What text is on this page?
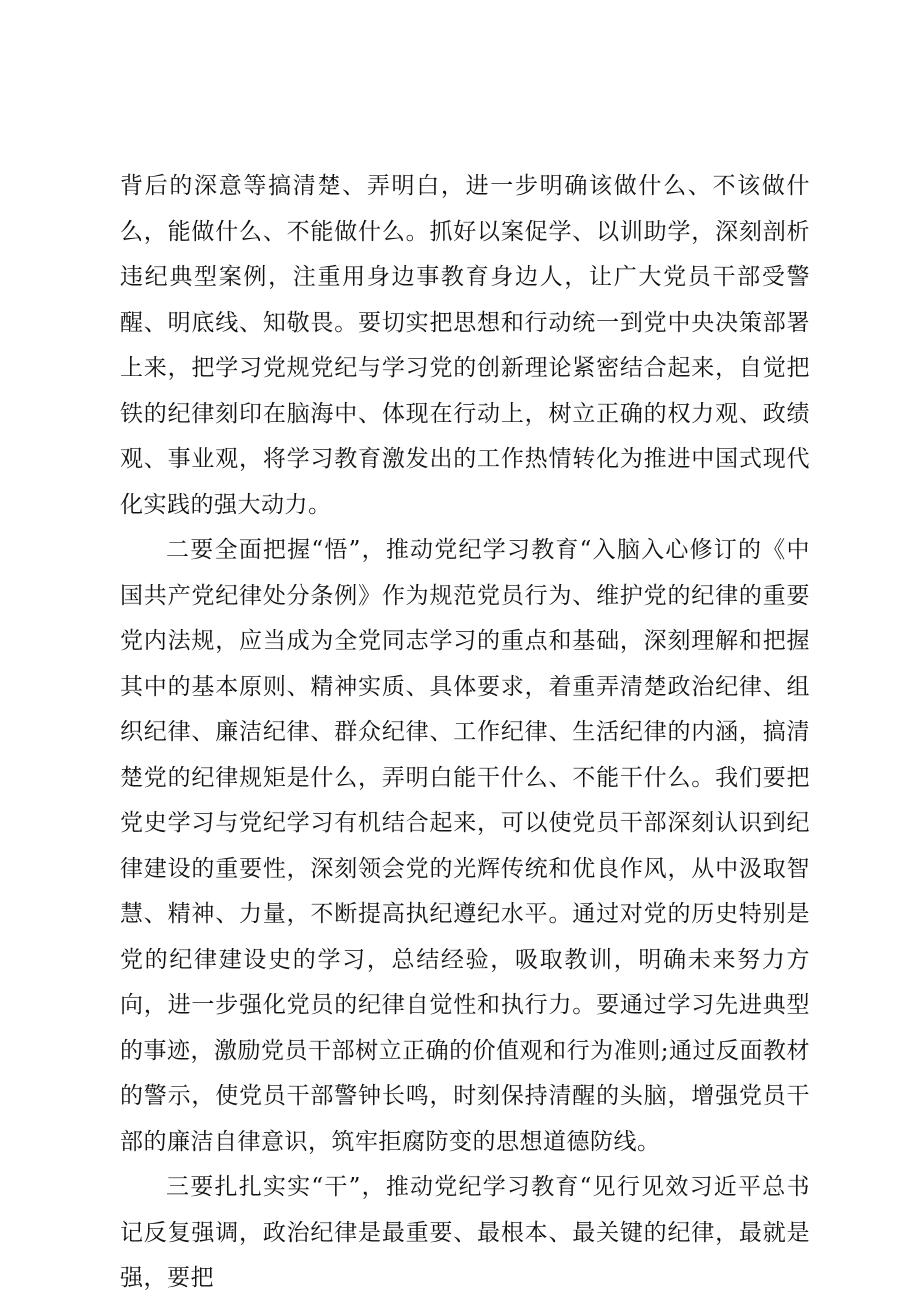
背后的深意等搞清楚、弄明白，进一步明确该做什么、不该做什么，能做什么、不能做什么。抓好以案促学、以训助学，深刻剖析违纪典型案例，注重用身边事教育身边人，让广大党员干部受警醒、明底线、知敬畏。要切实把思想和行动统一到党中央决策部署上来，把学习党规党纪与学习党的创新理论紧密结合起来，自觉把铁的纪律刻印在脑海中、体现在行动上，树立正确的权力观、政绩观、事业观，将学习教育激发出的工作热情转化为推进中国式现代化实践的强大动力。

二要全面把握“悟”，推动党纪学习教育“入脑入心修订的《中国共产党纪律处分条例》作为规范党员行为、维护党的纪律的重要党内法规，应当成为全党同志学习的重点和基础，深刻理解和把握其中的基本原则、精神实质、具体要求，着重弄清楚政治纪律、组织纪律、廉洁纪律、群众纪律、工作纪律、生活纪律的内涵，搞清楚党的纪律规矩是什么，弄明白能干什么、不能干什么。我们要把党史学习与党纪学习有机结合起来，可以使党员干部深刻认识到纪律建设的重要性，深刻领会党的光辉传统和优良作风，从中汲取智慧、精神、力量，不断提高执纪遵纪水平。通过对党的历史特别是党的纪律建设史的学习，总结经验，吸取教训，明确未来努力方向，进一步强化党员的纪律自觉性和执行力。要通过学习先进典型的事迹，激励党员干部树立正确的价值观和行为准则;通过反面教材的警示，使党员干部警钟长鸣，时刻保持清醒的头脑，增强党员干部的廉洁自律意识，筑牢拒腐防变的思想道德防线。

三要扎扎实实“干”，推动党纪学习教育“见行见效习近平总书记反复强调，政治纪律是最重要、最根本、最关键的纪律，最就是强，要把
